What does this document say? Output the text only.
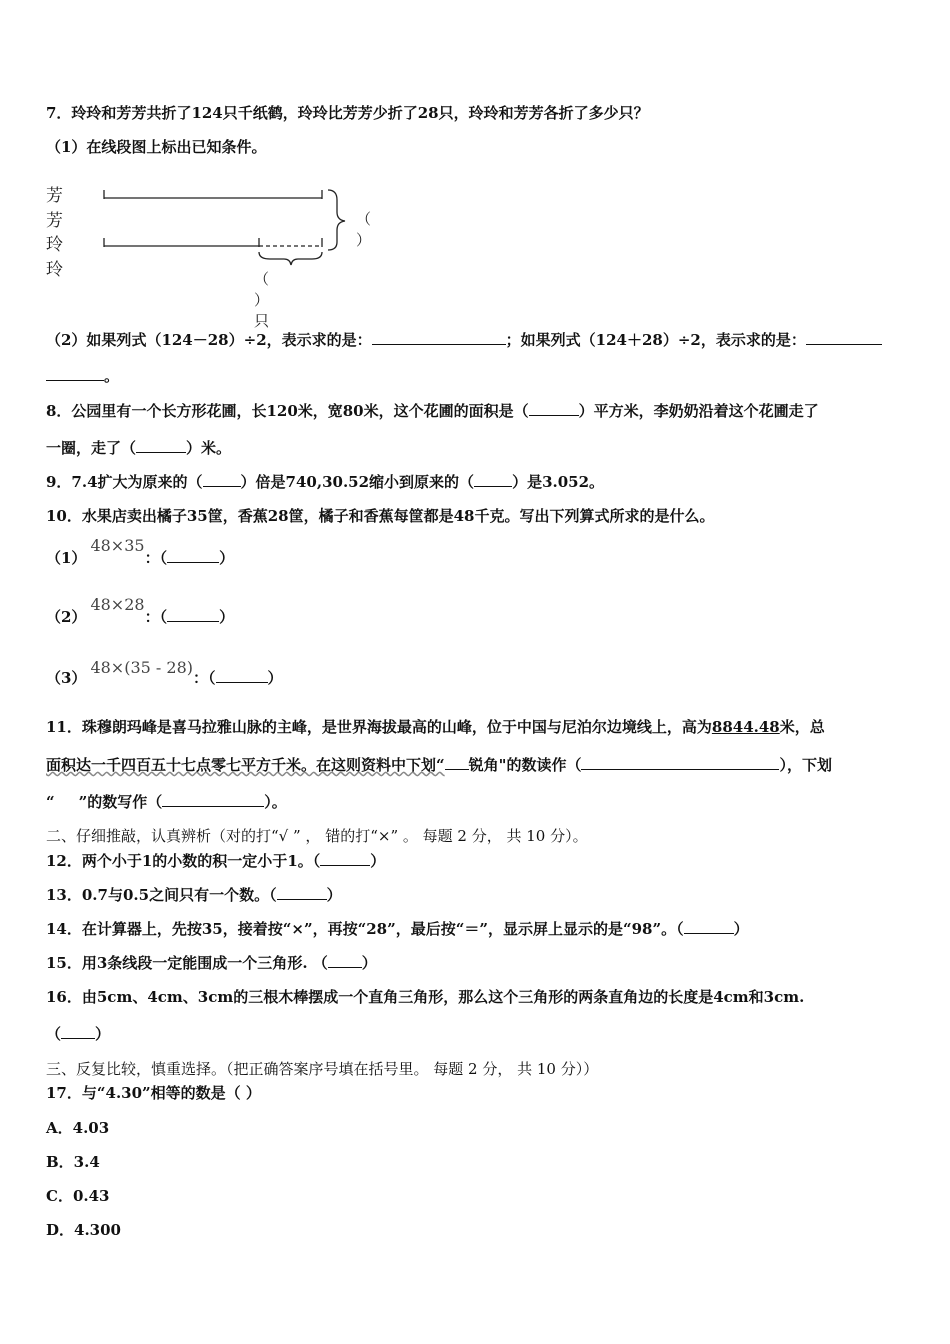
7．玲玲和芳芳共折了124只千纸鹤，玲玲比芳芳少折了28只，玲玲和芳芳各折了多少只？
（1）在线段图上标出已知条件。
芳芳
玲玲
（ ）
（ ）只
（2）如果列式（124－28）÷2，表示求的是：	；如果列式（124＋28）÷2，表示求的是：
。
8．公园里有一个长方形花圃，长120米，宽80米，这个花圃的面积是（	）平方米，李奶奶沿着这个花圃走了
一圈，走了（	）米。
9．7.4扩大为原来的（	）倍是740,30.52缩小到原来的（	）是3.052。
10．水果店卖出橘子35筐，香蕉28筐，橘子和香蕉每筐都是48千克。写出下列算式所求的是什么。
（1）48×35：（	）
（2）48×28：（	）
（3）48×(35 - 28)：（	）
11．珠穆朗玛峰是喜马拉雅山脉的主峰，是世界海拔最高的山峰，位于中国与尼泊尔边境线上，高为8844.48米，总
面积达一千四百五十七点零七平方千米。在这则资料中下划“ 锐角"的数读作（	），下划
“ ”的数写作（	）。
二、仔细推敲，认真辨析（对的打“√ ” ， 错的打“×” 。 每题 2 分， 共 10 分）。
12．两个小于1的小数的积一定小于1。（	）
13．0.7与0.5之间只有一个数。（	）
14．在计算器上，先按35，接着按“×”，再按“28”，最后按“＝”，显示屏上显示的是“98”。（	）
15．用3条线段一定能围成一个三角形. （ ）
16．由5cm、4cm、3cm的三根木棒摆成一个直角三角形，那么这个三角形的两条直角边的长度是4cm和3cm.
（ ）
三、反复比较，慎重选择。（把正确答案序号填在括号里。 每题 2 分， 共 10 分））
17．与“4.30”相等的数是（ ）
A．4.03
B．3.4
C．0.43
D．4.300
